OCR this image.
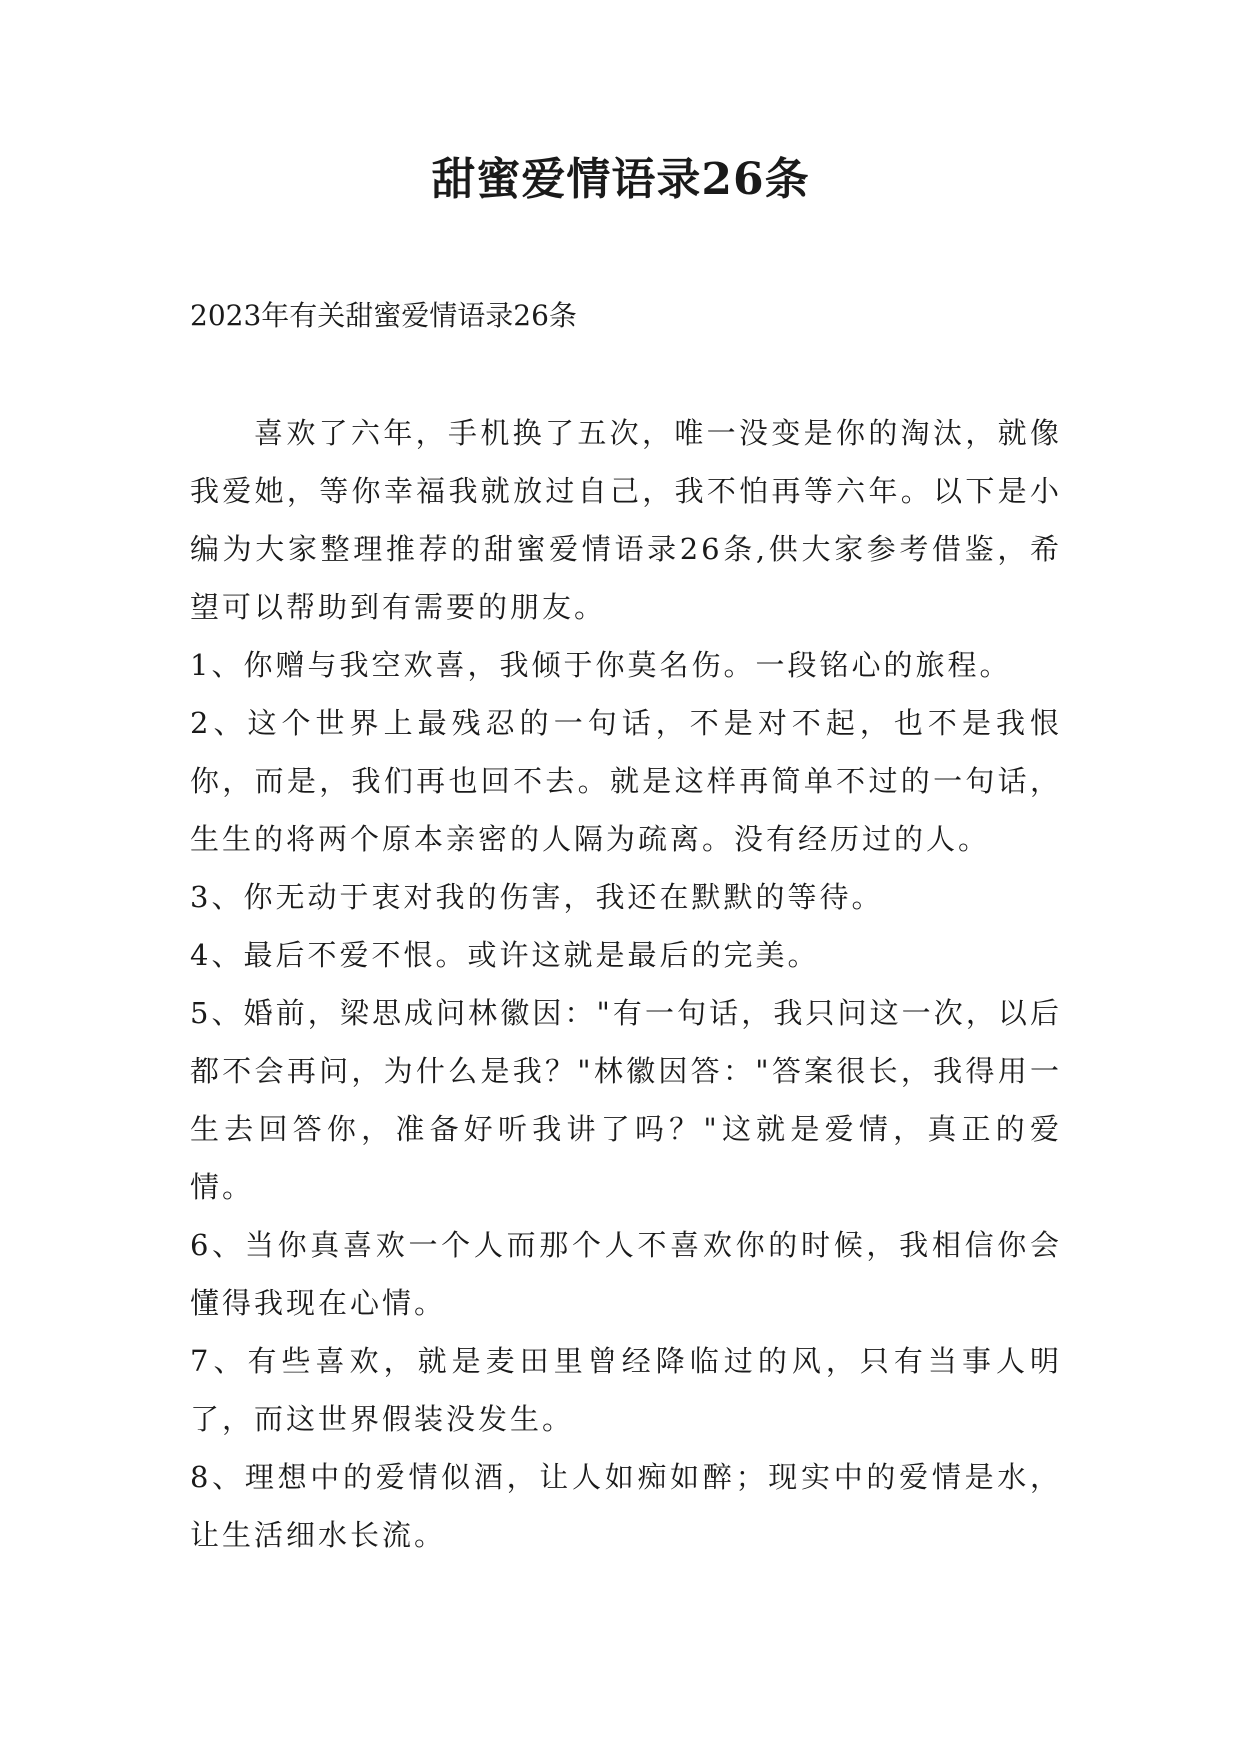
甜蜜爱情语录26条

2023年有关甜蜜爱情语录26条

喜欢了六年，手机换了五次，唯一没变是你的淘汰，就像我爱她，等你幸福我就放过自己，我不怕再等六年。以下是小编为大家整理推荐的甜蜜爱情语录26条,供大家参考借鉴，希望可以帮助到有需要的朋友。

1、你赠与我空欢喜，我倾于你莫名伤。一段铭心的旅程。

2、这个世界上最残忍的一句话，不是对不起，也不是我恨你，而是，我们再也回不去。就是这样再简单不过的一句话，生生的将两个原本亲密的人隔为疏离。没有经历过的人。

3、你无动于衷对我的伤害，我还在默默的等待。

4、最后不爱不恨。或许这就是最后的完美。

5、婚前，梁思成问林徽因："有一句话，我只问这一次，以后都不会再问，为什么是我？"林徽因答："答案很长，我得用一生去回答你，准备好听我讲了吗？"这就是爱情，真正的爱情。

6、当你真喜欢一个人而那个人不喜欢你的时候，我相信你会懂得我现在心情。

7、有些喜欢，就是麦田里曾经降临过的风，只有当事人明了，而这世界假装没发生。

8、理想中的爱情似酒，让人如痴如醉；现实中的爱情是水，让生活细水长流。
